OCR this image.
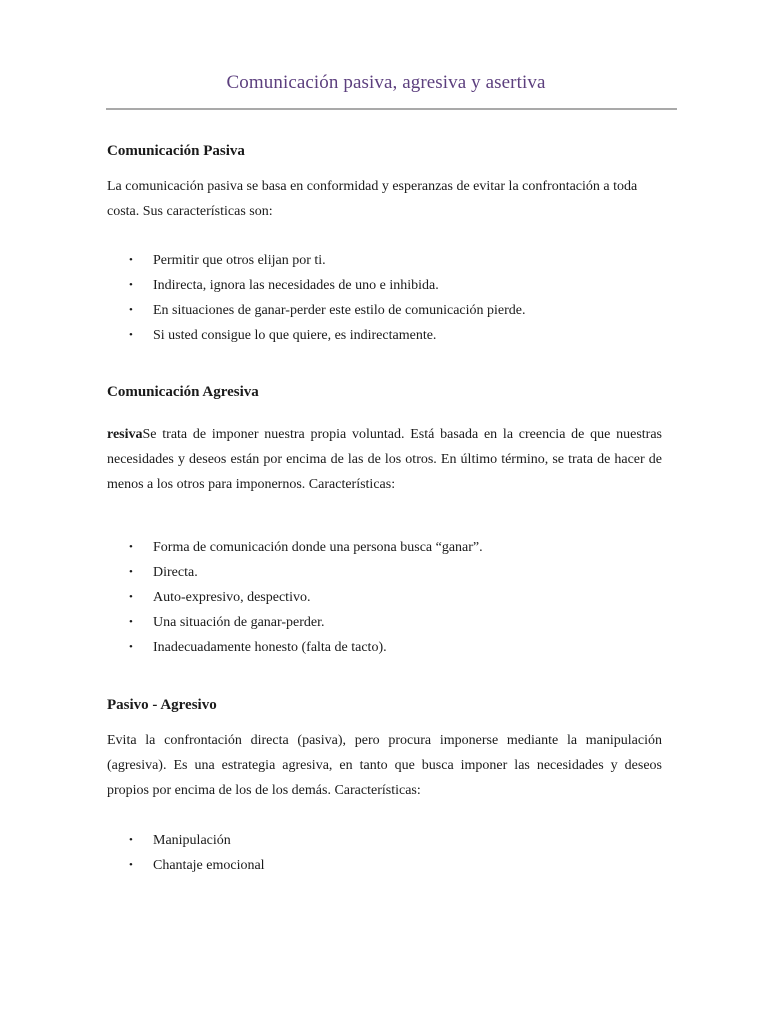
Comunicación pasiva, agresiva y asertiva
Comunicación Pasiva

La comunicación pasiva se basa en conformidad y esperanzas de evitar la confrontación a toda costa. Sus características son:

• Permitir que otros elijan por ti.
• Indirecta, ignora las necesidades de uno e inhibida.
• En situaciones de ganar-perder este estilo de comunicación pierde.
• Si usted consigue lo que quiere, es indirectamente.
Comunicación Agresiva

resivaSe trata de imponer nuestra propia voluntad. Está basada en la creencia de que nuestras necesidades y deseos están por encima de las de los otros. En último término, se trata de hacer de menos a los otros para imponernos. Características:

• Forma de comunicación donde una persona busca “ganar”.
• Directa.
• Auto-expresivo, despectivo.
• Una situación de ganar-perder.
• Inadecuadamente honesto (falta de tacto).
Pasivo - Agresivo

Evita la confrontación directa (pasiva), pero procura imponerse mediante la manipulación (agresiva). Es una estrategia agresiva, en tanto que busca imponer las necesidades y deseos propios por encima de los de los demás. Características:

• Manipulación
• Chantaje emocional
